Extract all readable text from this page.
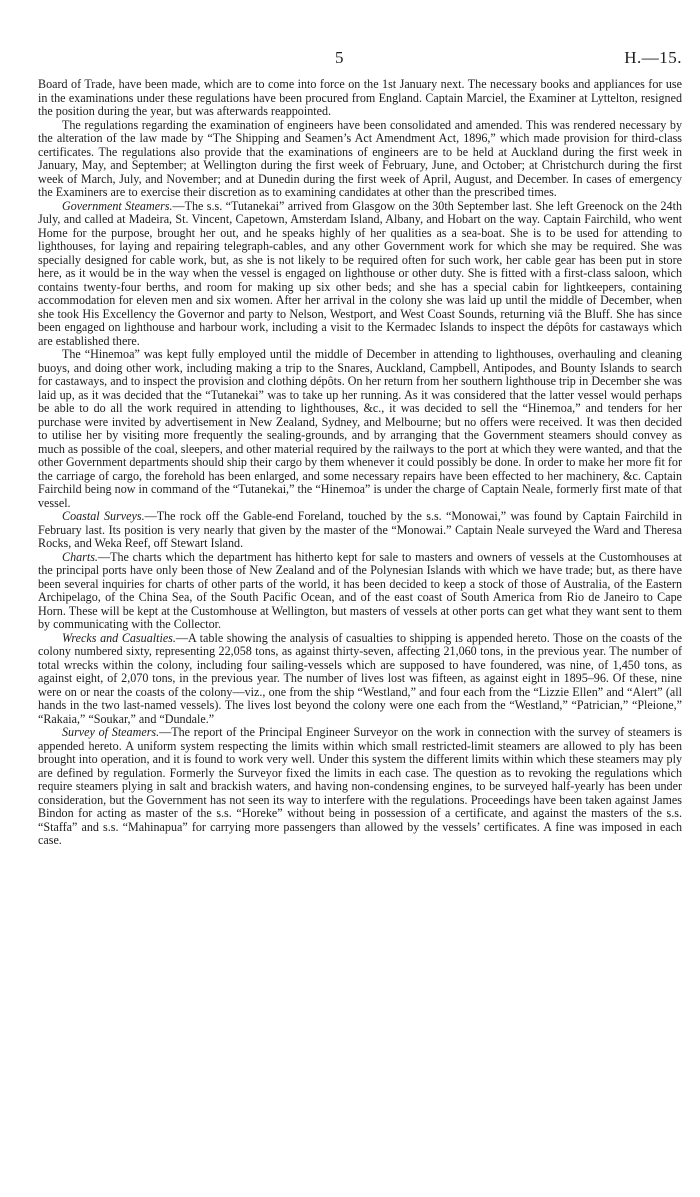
5	H.—15.

Board of Trade, have been made, which are to come into force on the 1st January next. The necessary books and appliances for use in the examinations under these regulations have been procured from England. Captain Marciel, the Examiner at Lyttelton, resigned the position during the year, but was afterwards reappointed.

The regulations regarding the examination of engineers have been consolidated and amended. This was rendered necessary by the alteration of the law made by “The Shipping and Seamen’s Act Amendment Act, 1896,” which made provision for third-class certificates. The regulations also provide that the examinations of engineers are to be held at Auckland during the first week in January, May, and September; at Wellington during the first week of February, June, and October; at Christchurch during the first week of March, July, and November; and at Dunedin during the first week of April, August, and December. In cases of emergency the Examiners are to exercise their discretion as to examining candidates at other than the prescribed times.

Government Steamers.—The s.s. “Tutanekai” arrived from Glasgow on the 30th September last. She left Greenock on the 24th July, and called at Madeira, St. Vincent, Capetown, Amsterdam Island, Albany, and Hobart on the way. Captain Fairchild, who went Home for the purpose, brought her out, and he speaks highly of her qualities as a sea-boat. She is to be used for attending to lighthouses, for laying and repairing telegraph-cables, and any other Government work for which she may be required. She was specially designed for cable work, but, as she is not likely to be required often for such work, her cable gear has been put in store here, as it would be in the way when the vessel is engaged on lighthouse or other duty. She is fitted with a first-class saloon, which contains twenty-four berths, and room for making up six other beds; and she has a special cabin for lightkeepers, containing accommodation for eleven men and six women. After her arrival in the colony she was laid up until the middle of December, when she took His Excellency the Governor and party to Nelson, Westport, and West Coast Sounds, returning viâ the Bluff. She has since been engaged on lighthouse and harbour work, including a visit to the Kermadec Islands to inspect the dépôts for castaways which are established there.

The “Hinemoa” was kept fully employed until the middle of December in attending to lighthouses, overhauling and cleaning buoys, and doing other work, including making a trip to the Snares, Auckland, Campbell, Antipodes, and Bounty Islands to search for castaways, and to inspect the provision and clothing dépôts. On her return from her southern lighthouse trip in December she was laid up, as it was decided that the “Tutanekai” was to take up her running. As it was considered that the latter vessel would perhaps be able to do all the work required in attending to lighthouses, &c., it was decided to sell the “Hinemoa,” and tenders for her purchase were invited by advertisement in New Zealand, Sydney, and Melbourne; but no offers were received. It was then decided to utilise her by visiting more frequently the sealing-grounds, and by arranging that the Government steamers should convey as much as possible of the coal, sleepers, and other material required by the railways to the port at which they were wanted, and that the other Government departments should ship their cargo by them whenever it could possibly be done. In order to make her more fit for the carriage of cargo, the forehold has been enlarged, and some necessary repairs have been effected to her machinery, &c. Captain Fairchild being now in command of the “Tutanekai,” the “Hinemoa” is under the charge of Captain Neale, formerly first mate of that vessel.

Coastal Surveys.—The rock off the Gable-end Foreland, touched by the s.s. “Monowai,” was found by Captain Fairchild in February last. Its position is very nearly that given by the master of the “Monowai.” Captain Neale surveyed the Ward and Theresa Rocks, and Weka Reef, off Stewart Island.

Charts.—The charts which the department has hitherto kept for sale to masters and owners of vessels at the Customhouses at the principal ports have only been those of New Zealand and of the Polynesian Islands with which we have trade; but, as there have been several inquiries for charts of other parts of the world, it has been decided to keep a stock of those of Australia, of the Eastern Archipelago, of the China Sea, of the South Pacific Ocean, and of the east coast of South America from Rio de Janeiro to Cape Horn. These will be kept at the Customhouse at Wellington, but masters of vessels at other ports can get what they want sent to them by communicating with the Collector.

Wrecks and Casualties.—A table showing the analysis of casualties to shipping is appended hereto. Those on the coasts of the colony numbered sixty, representing 22,058 tons, as against thirty-seven, affecting 21,060 tons, in the previous year. The number of total wrecks within the colony, including four sailing-vessels which are supposed to have foundered, was nine, of 1,450 tons, as against eight, of 2,070 tons, in the previous year. The number of lives lost was fifteen, as against eight in 1895–96. Of these, nine were on or near the coasts of the colony—viz., one from the ship “Westland,” and four each from the “Lizzie Ellen” and “Alert” (all hands in the two last-named vessels). The lives lost beyond the colony were one each from the “Westland,” “Patrician,” “Pleione,” “Rakaia,” “Soukar,” and “Dundale.”

Survey of Steamers.—The report of the Principal Engineer Surveyor on the work in connection with the survey of steamers is appended hereto. A uniform system respecting the limits within which small restricted-limit steamers are allowed to ply has been brought into operation, and it is found to work very well. Under this system the different limits within which these steamers may ply are defined by regulation. Formerly the Surveyor fixed the limits in each case. The question as to revoking the regulations which require steamers plying in salt and brackish waters, and having non-condensing engines, to be surveyed half-yearly has been under consideration, but the Government has not seen its way to interfere with the regulations. Proceedings have been taken against James Bindon for acting as master of the s.s. “Horeke” without being in possession of a certificate, and against the masters of the s.s. “Staffa” and s.s. “Mahinapua” for carrying more passengers than allowed by the vessels’ certificates. A fine was imposed in each case.
